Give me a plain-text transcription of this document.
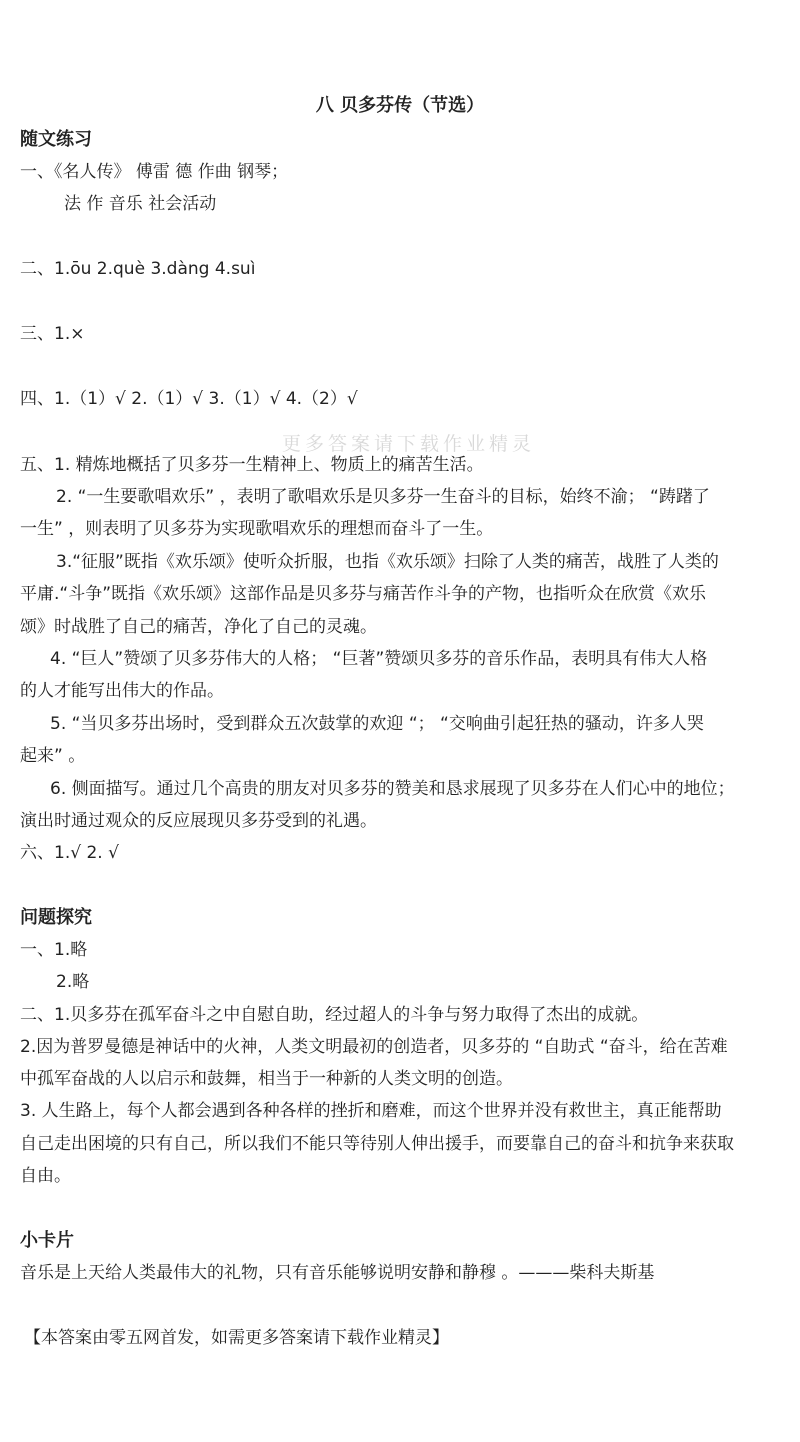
八 贝多芬传（节选）
随文练习
一、《名人传》 傅雷 德 作曲 钢琴；
法 作 音乐 社会活动
二、1.ōu 2.què 3.dàng 4.suì
三、1.×
四、1.（1）√ 2.（1）√ 3.（1）√ 4.（2）√
更多答案请下载作业精灵
五、1. 精炼地概括了贝多芬一生精神上、物质上的痛苦生活。
2. “一生要歌唱欢乐” ，表明了歌唱欢乐是贝多芬一生奋斗的目标，始终不渝； “踌躇了
一生” ，则表明了贝多芬为实现歌唱欢乐的理想而奋斗了一生。
3.“征服”既指《欢乐颂》使听众折服，也指《欢乐颂》扫除了人类的痛苦，战胜了人类的
平庸.“斗争”既指《欢乐颂》这部作品是贝多芬与痛苦作斗争的产物，也指听众在欣赏《欢乐
颂》时战胜了自己的痛苦，净化了自己的灵魂。
4. “巨人”赞颂了贝多芬伟大的人格； “巨著”赞颂贝多芬的音乐作品，表明具有伟大人格
的人才能写出伟大的作品。
5. “当贝多芬出场时，受到群众五次鼓掌的欢迎 “； “交响曲引起狂热的骚动，许多人哭
起来” 。
6. 侧面描写。通过几个高贵的朋友对贝多芬的赞美和恳求展现了贝多芬在人们心中的地位；
演出时通过观众的反应展现贝多芬受到的礼遇。
六、1.√ 2. √
问题探究
一、1.略
2.略
二、1.贝多芬在孤军奋斗之中自慰自助，经过超人的斗争与努力取得了杰出的成就。
2.因为普罗曼德是神话中的火神，人类文明最初的创造者，贝多芬的 “自助式 “奋斗，给在苦难
中孤军奋战的人以启示和鼓舞，相当于一种新的人类文明的创造。
3. 人生路上，每个人都会遇到各种各样的挫折和磨难，而这个世界并没有救世主，真正能帮助
自己走出困境的只有自己，所以我们不能只等待别人伸出援手，而要靠自己的奋斗和抗争来获取
自由。
小卡片
音乐是上天给人类最伟大的礼物，只有音乐能够说明安静和静穆 。———柴科夫斯基
【本答案由零五网首发，如需更多答案请下载作业精灵】
